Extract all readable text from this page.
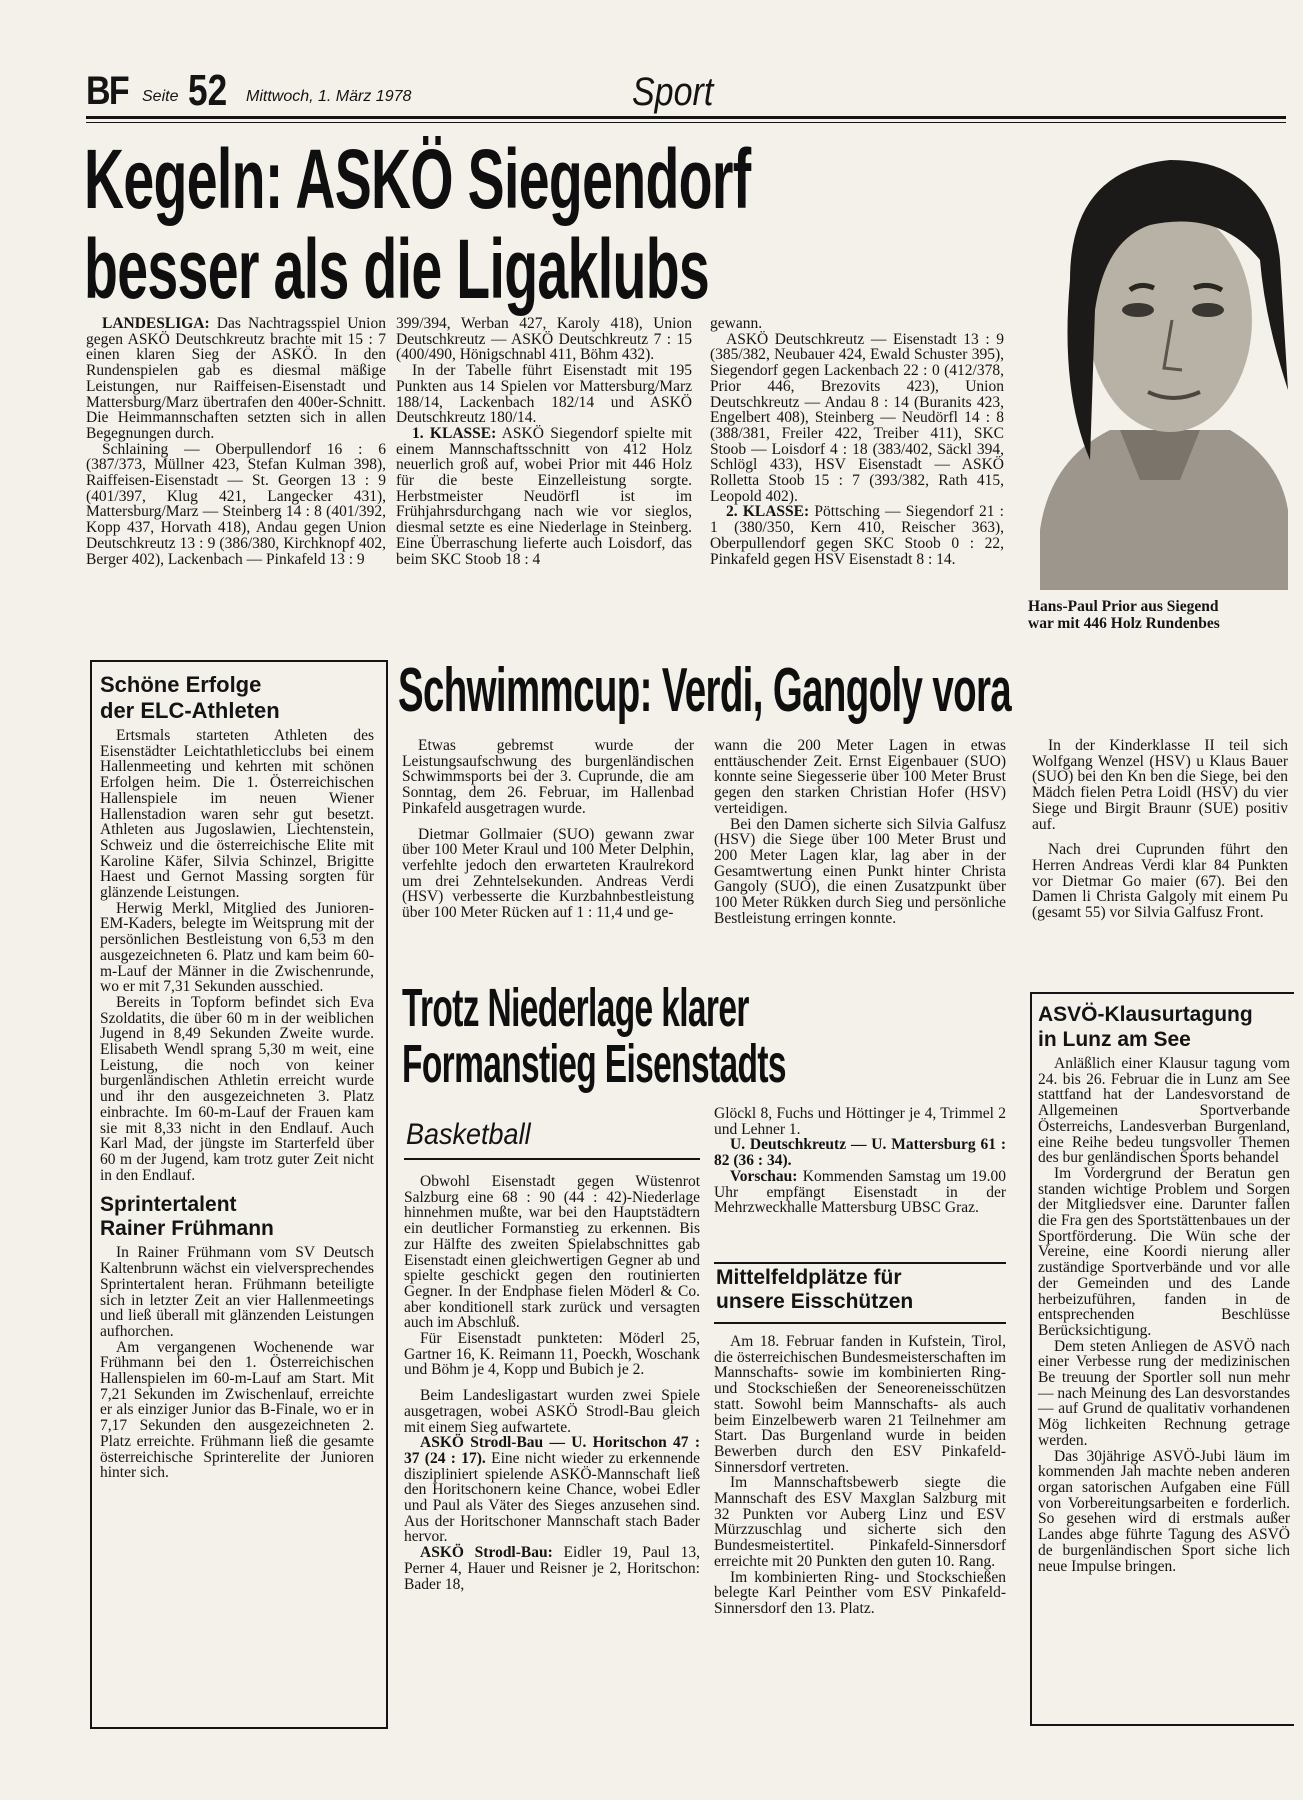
BF Seite 52 Mittwoch, 1. März 1978	Sport
Kegeln: ASKÖ Siegendorf
besser als die Ligaklubs

LANDESLIGA: Das Nachtragsspiel Union gegen ASKÖ Deutschkreutz brachte mit 15 : 7 einen klaren Sieg der ASKÖ. In den Rundenspielen gab es diesmal mäßige Leistungen, nur Raiffeisen-Eisenstadt und Mattersburg/Marz übertrafen den 400er-Schnitt. Die Heimmannschaften setzten sich in allen Begegnungen durch.

Schlaining — Oberpullendorf 16 : 6 (387/373, Müllner 423, Stefan Kulman 398), Raiffeisen-Eisenstadt — St. Georgen 13 : 9 (401/397, Klug 421, Langecker 431), Mattersburg/Marz — Steinberg 14 : 8 (401/392, Kopp 437, Horvath 418), Andau gegen Union Deutschkreutz 13 : 9 (386/380, Kirchknopf 402, Berger 402), Lackenbach — Pinkafeld 13 : 9

399/394, Werban 427, Karoly 418), Union Deutschkreutz — ASKÖ Deutschkreutz 7 : 15 (400/490, Hönigschnabl 411, Böhm 432).

In der Tabelle führt Eisenstadt mit 195 Punkten aus 14 Spielen vor Mattersburg/Marz 188/14, Lackenbach 182/14 und ASKÖ Deutschkreutz 180/14.

1. KLASSE: ASKÖ Siegendorf spielte mit einem Mannschaftsschnitt von 412 Holz neuerlich groß auf, wobei Prior mit 446 Holz für die beste Einzelleistung sorgte. Herbstmeister Neudörfl ist im Frühjahrsdurchgang nach wie vor sieglos, diesmal setzte es eine Niederlage in Steinberg. Eine Überraschung lieferte auch Loisdorf, das beim SKC Stoob 18 : 4

gewann.

ASKÖ Deutschkreutz — Eisenstadt 13 : 9 (385/382, Neubauer 424, Ewald Schuster 395), Siegendorf gegen Lackenbach 22 : 0 (412/378, Prior 446, Brezovits 423), Union Deutschkreutz — Andau 8 : 14 (Buranits 423, Engelbert 408), Steinberg — Neudörfl 14 : 8 (388/381, Freiler 422, Treiber 411), SKC Stoob — Loisdorf 4 : 18 (383/402, Säckl 394, Schlögl 433), HSV Eisenstadt — ASKÖ Rolletta Stoob 15 : 7 (393/382, Rath 415, Leopold 402).

2. KLASSE: Pöttsching — Siegendorf 21 : 1 (380/350, Kern 410, Reischer 363), Oberpullendorf gegen SKC Stoob 0 : 22, Pinkafeld gegen HSV Eisenstadt 8 : 14.

Hans-Paul Prior aus Siegend
war mit 446 Holz Rundenbes
Schöne Erfolge
der ELC-Athleten

Ertsmals starteten Athleten des Eisenstädter Leichtathleticclubs bei einem Hallenmeeting und kehrten mit schönen Erfolgen heim. Die 1. Österreichischen Hallenspiele im neuen Wiener Hallenstadion waren sehr gut besetzt. Athleten aus Jugoslawien, Liechtenstein, Schweiz und die österreichische Elite mit Karoline Käfer, Silvia Schinzel, Brigitte Haest und Gernot Massing sorgten für glänzende Leistungen.

Herwig Merkl, Mitglied des Junioren-EM-Kaders, belegte im Weitsprung mit der persönlichen Bestleistung von 6,53 m den ausgezeichneten 6. Platz und kam beim 60-m-Lauf der Männer in die Zwischenrunde, wo er mit 7,31 Sekunden ausschied.

Bereits in Topform befindet sich Eva Szoldatits, die über 60 m in der weiblichen Jugend in 8,49 Sekunden Zweite wurde. Elisabeth Wendl sprang 5,30 m weit, eine Leistung, die noch von keiner burgenländischen Athletin erreicht wurde und ihr den ausgezeichneten 3. Platz einbrachte. Im 60-m-Lauf der Frauen kam sie mit 8,33 nicht in den Endlauf. Auch Karl Mad, der jüngste im Starterfeld über 60 m der Jugend, kam trotz guter Zeit nicht in den Endlauf.

Sprintertalent
Rainer Frühmann

In Rainer Frühmann vom SV Deutsch Kaltenbrunn wächst ein vielversprechendes Sprintertalent heran. Frühmann beteiligte sich in letzter Zeit an vier Hallenmeetings und ließ überall mit glänzenden Leistungen aufhorchen.

Am vergangenen Wochenende war Frühmann bei den 1. Österreichischen Hallenspielen im 60-m-Lauf am Start. Mit 7,21 Sekunden im Zwischenlauf, erreichte er als einziger Junior das B-Finale, wo er in 7,17 Sekunden den ausgezeichneten 2. Platz erreichte. Frühmann ließ die gesamte österreichische Sprinterelite der Junioren hinter sich.

Schwimmcup: Verdi, Gangoly vora

Etwas gebremst wurde der Leistungsaufschwung des burgenländischen Schwimmsports bei der 3. Cuprunde, die am Sonntag, dem 26. Februar, im Hallenbad Pinkafeld ausgetragen wurde.

Dietmar Gollmaier (SUO) gewann zwar über 100 Meter Kraul und 100 Meter Delphin, verfehlte jedoch den erwarteten Kraulrekord um drei Zehntelsekunden. Andreas Verdi (HSV) verbesserte die Kurzbahnbestleistung über 100 Meter Rücken auf 1 : 11,4 und ge-

wann die 200 Meter Lagen in etwas enttäuschender Zeit. Ernst Eigenbauer (SUO) konnte seine Siegesserie über 100 Meter Brust gegen den starken Christian Hofer (HSV) verteidigen.

Bei den Damen sicherte sich Silvia Galfusz (HSV) die Siege über 100 Meter Brust und 200 Meter Lagen klar, lag aber in der Gesamtwertung einen Punkt hinter Christa Gangoly (SUO), die einen Zusatzpunkt über 100 Meter Rükken durch Sieg und persönliche Bestleistung erringen konnte.

In der Kinderklasse II teil sich Wolfgang Wenzel (HSV) u Klaus Bauer (SUO) bei den Kn ben die Siege, bei den Mädch fielen Petra Loidl (HSV) du vier Siege und Birgit Braunr (SUE) positiv auf.

Nach drei Cuprunden führt den Herren Andreas Verdi klar 84 Punkten vor Dietmar Go maier (67). Bei den Damen li Christa Galgoly mit einem Pu (gesamt 55) vor Silvia Galfusz Front.

Trotz Niederlage klarer
Formanstieg Eisenstadts
Basketball

Obwohl Eisenstadt gegen Wüstenrot Salzburg eine 68 : 90 (44 : 42)-Niederlage hinnehmen mußte, war bei den Hauptstädtern ein deutlicher Formanstieg zu erkennen. Bis zur Hälfte des zweiten Spielabschnittes gab Eisenstadt einen gleichwertigen Gegner ab und spielte geschickt gegen den routinierten Gegner. In der Endphase fielen Möderl & Co. aber konditionell stark zurück und versagten auch im Abschluß.

Für Eisenstadt punkteten: Möderl 25, Gartner 16, K. Reimann 11, Poeckh, Woschank und Böhm je 4, Kopp und Bubich je 2.

Beim Landesligastart wurden zwei Spiele ausgetragen, wobei ASKÖ Strodl-Bau gleich mit einem Sieg aufwartete.

ASKÖ Strodl-Bau — U. Horitschon 47 : 37 (24 : 17). Eine nicht wieder zu erkennende diszipliniert spielende ASKÖ-Mannschaft ließ den Horitschonern keine Chance, wobei Edler und Paul als Väter des Sieges anzusehen sind. Aus der Horitschoner Mannschaft stach Bader hervor.

ASKÖ Strodl-Bau: Eidler 19, Paul 13, Perner 4, Hauer und Reisner je 2, Horitschon: Bader 18,

Glöckl 8, Fuchs und Höttinger je 4, Trimmel 2 und Lehner 1.

U. Deutschkreutz — U. Mattersburg 61 : 82 (36 : 34).

Vorschau: Kommenden Samstag um 19.00 Uhr empfängt Eisenstadt in der Mehrzweckhalle Mattersburg UBSC Graz.

Mittelfeldplätze für
unsere Eisschützen

Am 18. Februar fanden in Kufstein, Tirol, die österreichischen Bundesmeisterschaften im Mannschafts- sowie im kombinierten Ring- und Stockschießen der Seneoreneisschützen statt. Sowohl beim Mannschafts- als auch beim Einzelbewerb waren 21 Teilnehmer am Start. Das Burgenland wurde in beiden Bewerben durch den ESV Pinkafeld-Sinnersdorf vertreten.

Im Mannschaftsbewerb siegte die Mannschaft des ESV Maxglan Salzburg mit 32 Punkten vor Auberg Linz und ESV Mürzzuschlag und sicherte sich den Bundesmeistertitel. Pinkafeld-Sinnersdorf erreichte mit 20 Punkten den guten 10. Rang.

Im kombinierten Ring- und Stockschießen belegte Karl Peinther vom ESV Pinkafeld-Sinnersdorf den 13. Platz.

ASVÖ-Klausurtagung
in Lunz am See

Anläßlich einer Klausur tagung vom 24. bis 26. Februar die in Lunz am See stattfand hat der Landesvorstand de Allgemeinen Sportverbande Österreichs, Landesverban Burgenland, eine Reihe bedeu tungsvoller Themen des bur genländischen Sports behandel

Im Vordergrund der Beratun gen standen wichtige Problem und Sorgen der Mitgliedsver eine. Darunter fallen die Fra gen des Sportstättenbaues un der Sportförderung. Die Wün sche der Vereine, eine Koordi nierung aller zuständige Sportverbände und vor alle der Gemeinden und des Lande herbeizuführen, fanden in de entsprechenden Beschlüsse Berücksichtigung.

Dem steten Anliegen de ASVÖ nach einer Verbesse rung der medizinischen Be treuung der Sportler soll nun mehr — nach Meinung des Lan desvorstandes — auf Grund de qualitativ vorhandenen Mög lichkeiten Rechnung getrage werden.

Das 30jährige ASVÖ-Jubi läum im kommenden Jah machte neben anderen organ satorischen Aufgaben eine Füll von Vorbereitungsarbeiten e forderlich. So gesehen wird di erstmals außer Landes abge führte Tagung des ASVÖ de burgenländischen Sport siche lich neue Impulse bringen.
